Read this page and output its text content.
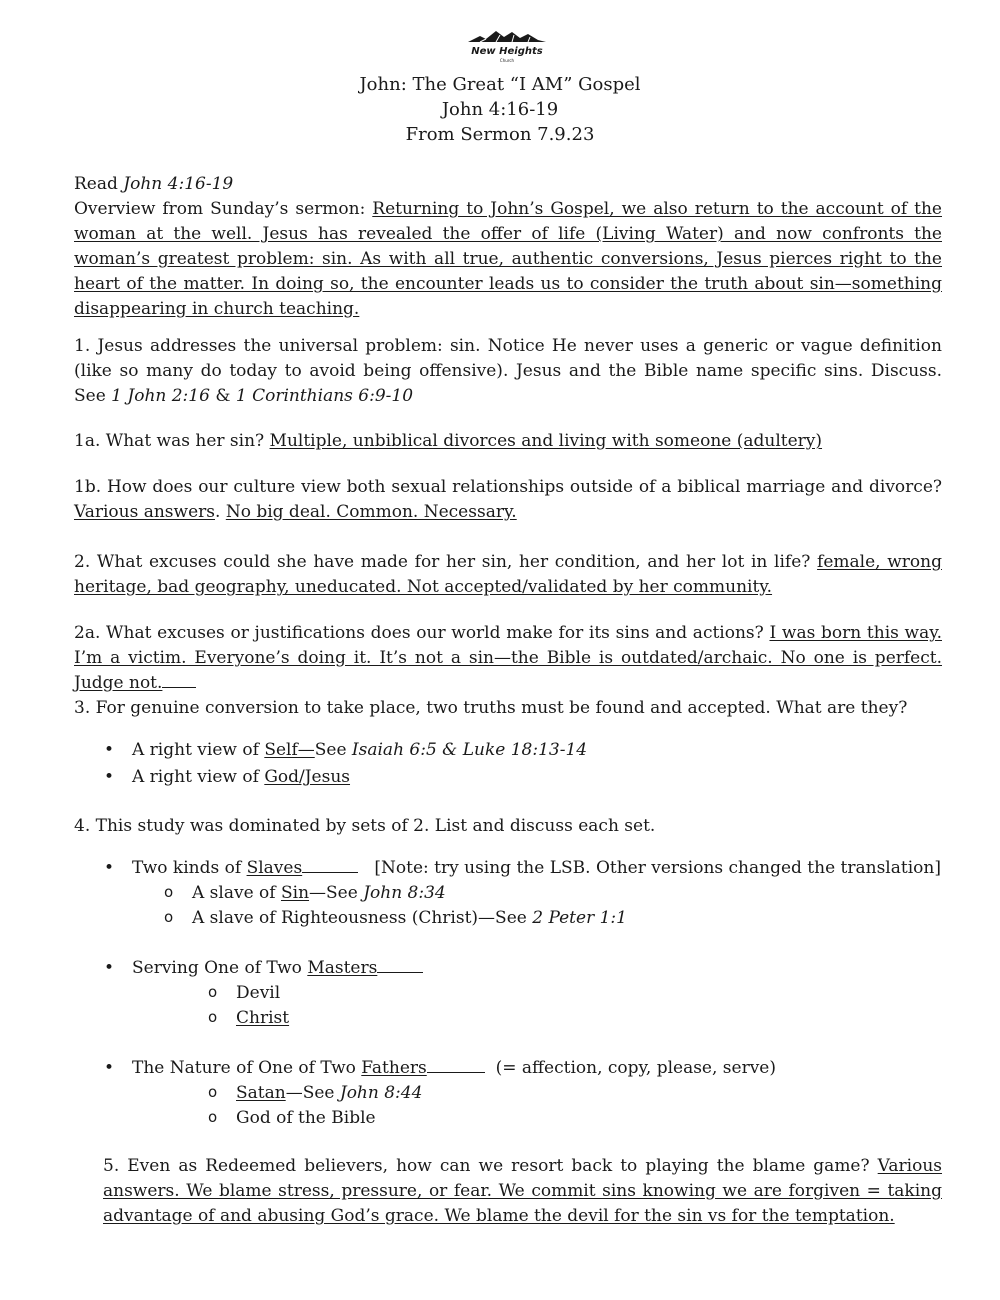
New Heights
Church
John: The Great “I AM” Gospel
John 4:16-19
From Sermon 7.9.23
Read John 4:16-19
Overview from Sunday’s sermon: Returning to John’s Gospel, we also return to the account of the woman at the well. Jesus has revealed the offer of life (Living Water) and now confronts the woman’s greatest problem: sin. As with all true, authentic conversions, Jesus pierces right to the heart of the matter. In doing so, the encounter leads us to consider the truth about sin—something disappearing in church teaching.
1. Jesus addresses the universal problem: sin. Notice He never uses a generic or vague definition (like so many do today to avoid being offensive). Jesus and the Bible name specific sins. Discuss. See 1 John 2:16 & 1 Corinthians 6:9-10
1a. What was her sin? Multiple, unbiblical divorces and living with someone (adultery)
1b. How does our culture view both sexual relationships outside of a biblical marriage and divorce? Various answers. No big deal. Common. Necessary.
2. What excuses could she have made for her sin, her condition, and her lot in life? female, wrong heritage, bad geography, uneducated. Not accepted/validated by her community.
2a. What excuses or justifications does our world make for its sins and actions? I was born this way. I’m a victim. Everyone’s doing it. It’s not a sin—the Bible is outdated/archaic. No one is perfect. Judge not.
3. For genuine conversion to take place, two truths must be found and accepted. What are they?
• A right view of Self—See Isaiah 6:5 & Luke 18:13-14
• A right view of God/Jesus
4. This study was dominated by sets of 2. List and discuss each set.
• Two kinds of Slaves	[Note: try using the LSB. Other versions changed the translation]
o A slave of Sin—See John 8:34
o A slave of Righteousness (Christ)—See 2 Peter 1:1
• Serving One of Two Masters
o Devil
o Christ
• The Nature of One of Two Fathers	(= affection, copy, please, serve)
o Satan—See John 8:44
o God of the Bible
5. Even as Redeemed believers, how can we resort back to playing the blame game? Various answers. We blame stress, pressure, or fear. We commit sins knowing we are forgiven = taking advantage of and abusing God’s grace. We blame the devil for the sin vs for the temptation.
